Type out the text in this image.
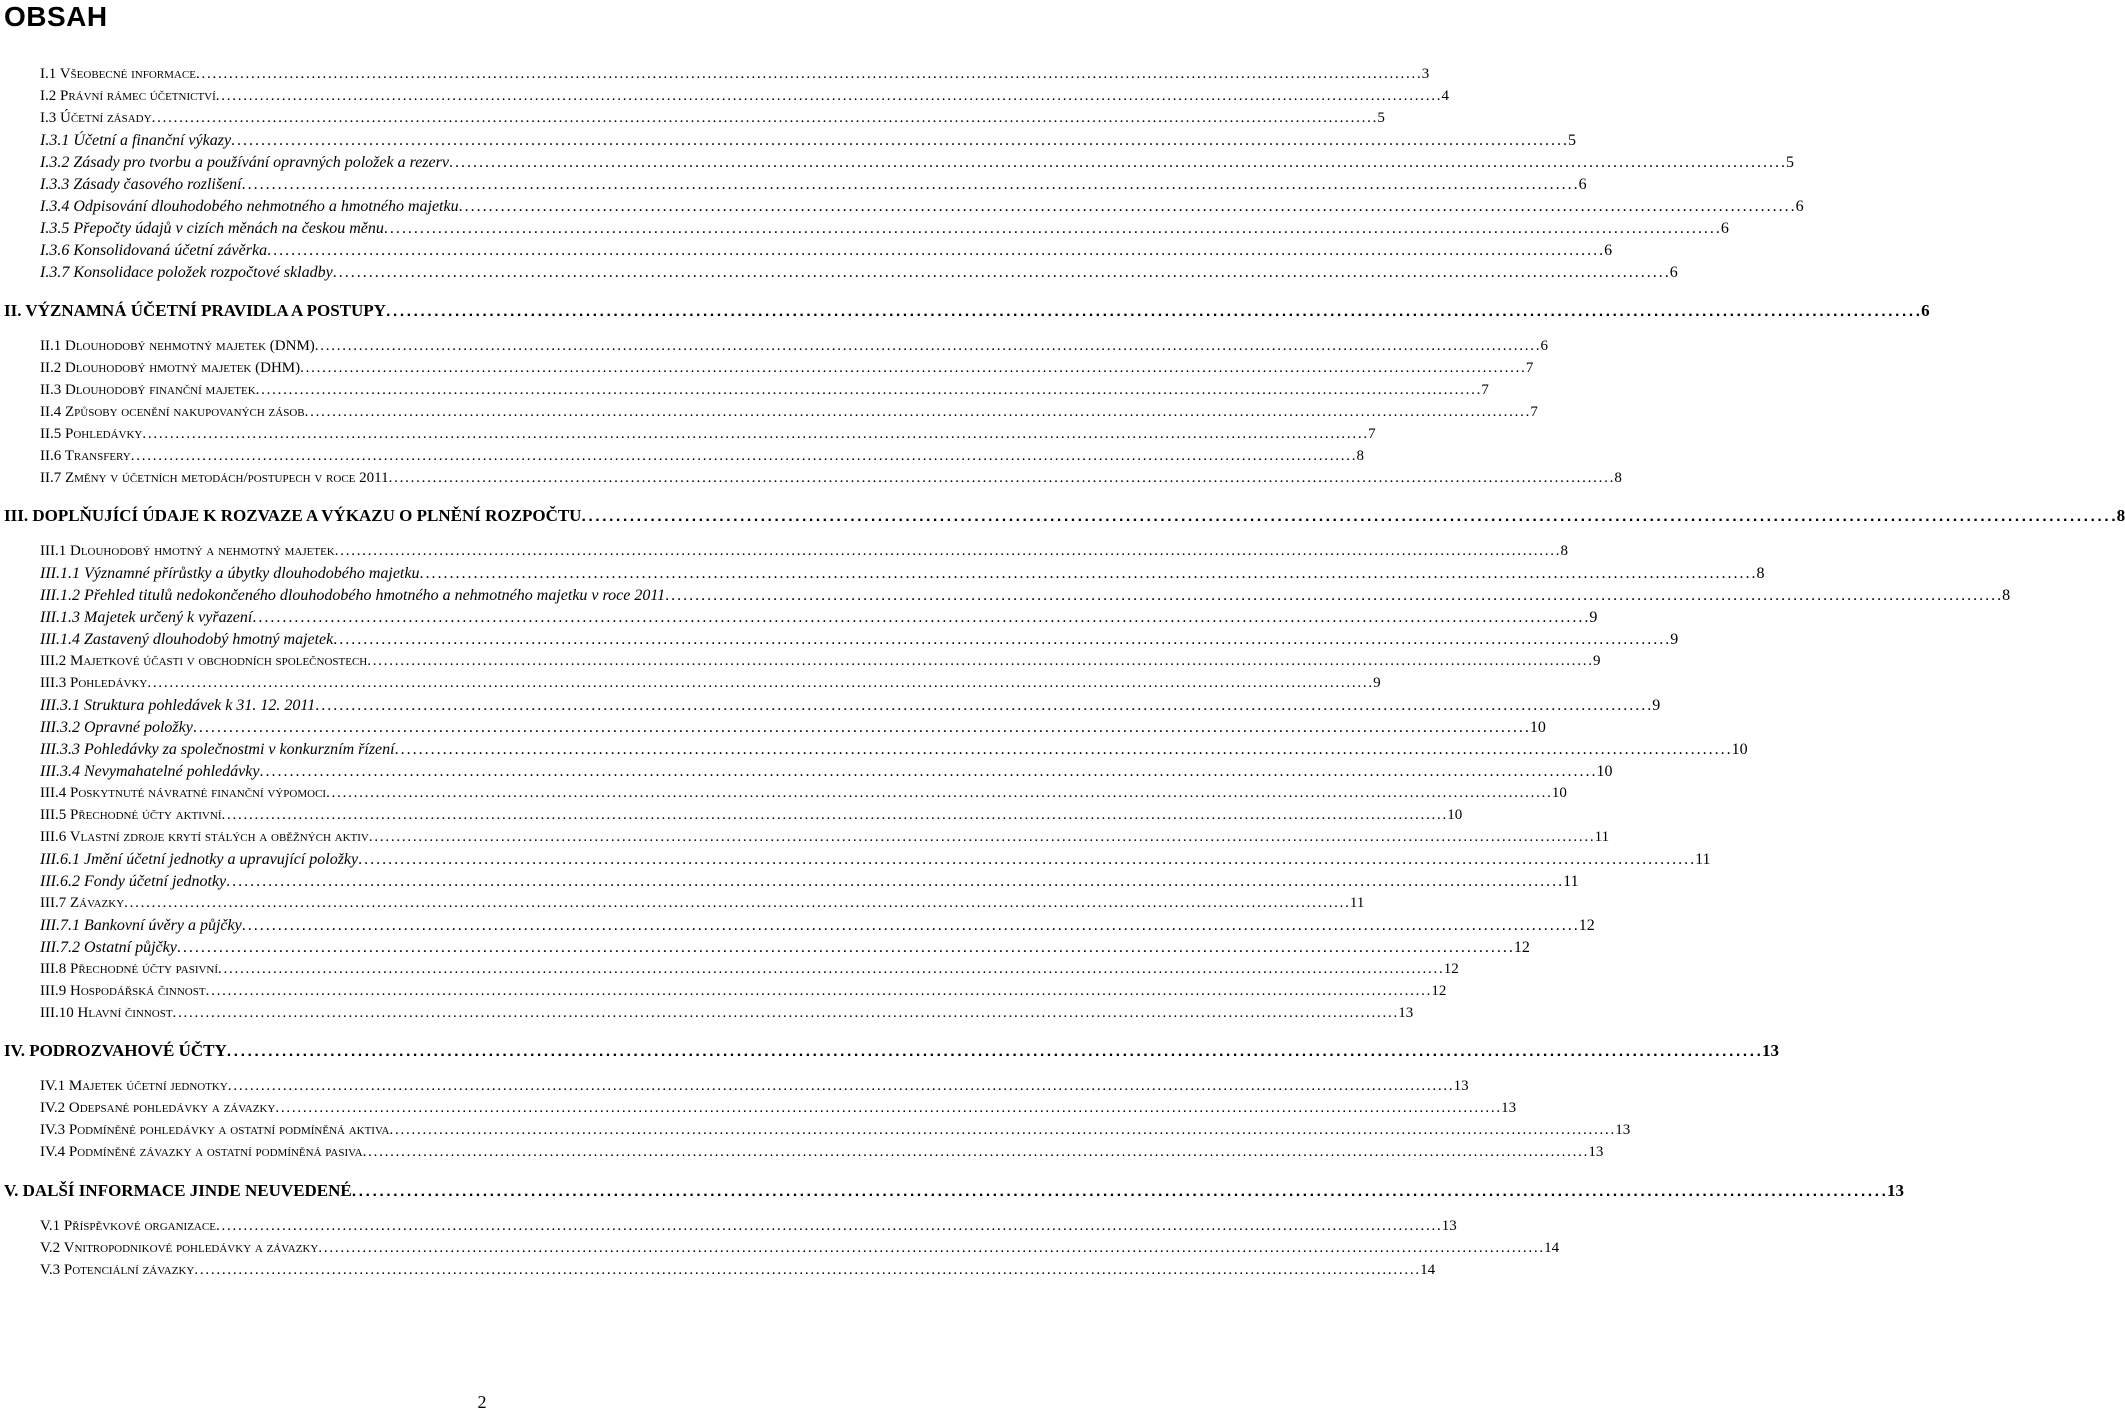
OBSAH
I.1 Všeobecné informace . . .	3
I.2 Právní rámec účetnictví . . .	4
I.3 Účetní zásady . . .	5
I.3.1 Účetní a finanční výkazy . . .	5
I.3.2 Zásady pro tvorbu a používání opravných položek a rezerv . . .	5
I.3.3 Zásady časového rozlišení . . .	6
I.3.4 Odpisování dlouhodobého nehmotného a hmotného majetku . . .	6
I.3.5 Přepočty údajů v cizích měnách na českou měnu . . .	6
I.3.6 Konsolidovaná účetní závěrka . . .	6
I.3.7 Konsolidace položek rozpočtové skladby . . .	6
II. VÝZNAMNÁ ÚČETNÍ PRAVIDLA A POSTUPY . . .	6
II.1 Dlouhodobý nehmotný majetek (DNM) . . .	6
II.2 Dlouhodobý hmotný majetek (DHM) . . .	7
II.3 Dlouhodobý finanční majetek . . .	7
II.4 Způsoby ocenění nakupovaných zásob . . .	7
II.5 Pohledávky . . .	7
II.6 Transfery . . .	8
II.7 Změny v účetních metodách/postupech v roce 2011 . . .	8
III. DOPLŇUJÍCÍ ÚDAJE K ROZVAZE A VÝKAZU O PLNĚNÍ ROZPOČTU . . .	8
III.1 Dlouhodobý hmotný a nehmotný majetek . . .	8
III.1.1 Významné přírůstky a úbytky dlouhodobého majetku . . .	8
III.1.2 Přehled titulů nedokončeného dlouhodobého hmotného a nehmotného majetku v roce 2011 . . .	8
III.1.3 Majetek určený k vyřazení . . .	9
III.1.4 Zastavený dlouhodobý hmotný majetek . . .	9
III.2 Majetkové účasti v obchodních společnostech . . .	9
III.3 Pohledávky . . .	9
III.3.1 Struktura pohledávek k 31. 12. 2011 . . .	9
III.3.2 Opravné položky . . .	10
III.3.3 Pohledávky za společnostmi v konkurzním řízení . . .	10
III.3.4 Nevymahatelné pohledávky . . .	10
III.4 Poskytnuté návratné finanční výpomoci . . .	10
III.5 Přechodné účty aktivní . . .	10
III.6 Vlastní zdroje krytí stálých a oběžných aktiv . . .	11
III.6.1 Jmění účetní jednotky a upravující položky . . .	11
III.6.2 Fondy účetní jednotky . . .	11
III.7 Závazky . . .	11
III.7.1 Bankovní úvěry a půjčky . . .	12
III.7.2 Ostatní půjčky . . .	12
III.8 Přechodné účty pasivní . . .	12
III.9 Hospodářská činnost . . .	12
III.10 Hlavní činnost . . .	13
IV. PODROZVAHOVÉ ÚČTY . . .	13
IV.1 Majetek účetní jednotky . . .	13
IV.2 Odepsané pohledávky a závazky . . .	13
IV.3 Podmíněné pohledávky a ostatní podmíněná aktiva . . .	13
IV.4 Podmíněné závazky a ostatní podmíněná pasiva . . .	13
V. DALŠÍ INFORMACE JINDE NEUVEDENÉ . . .	13
V.1 Příspěvkové organizace . . .	13
V.2 Vnitropodnikové pohledávky a závazky . . .	14
V.3 Potenciální závazky . . .	14
2
